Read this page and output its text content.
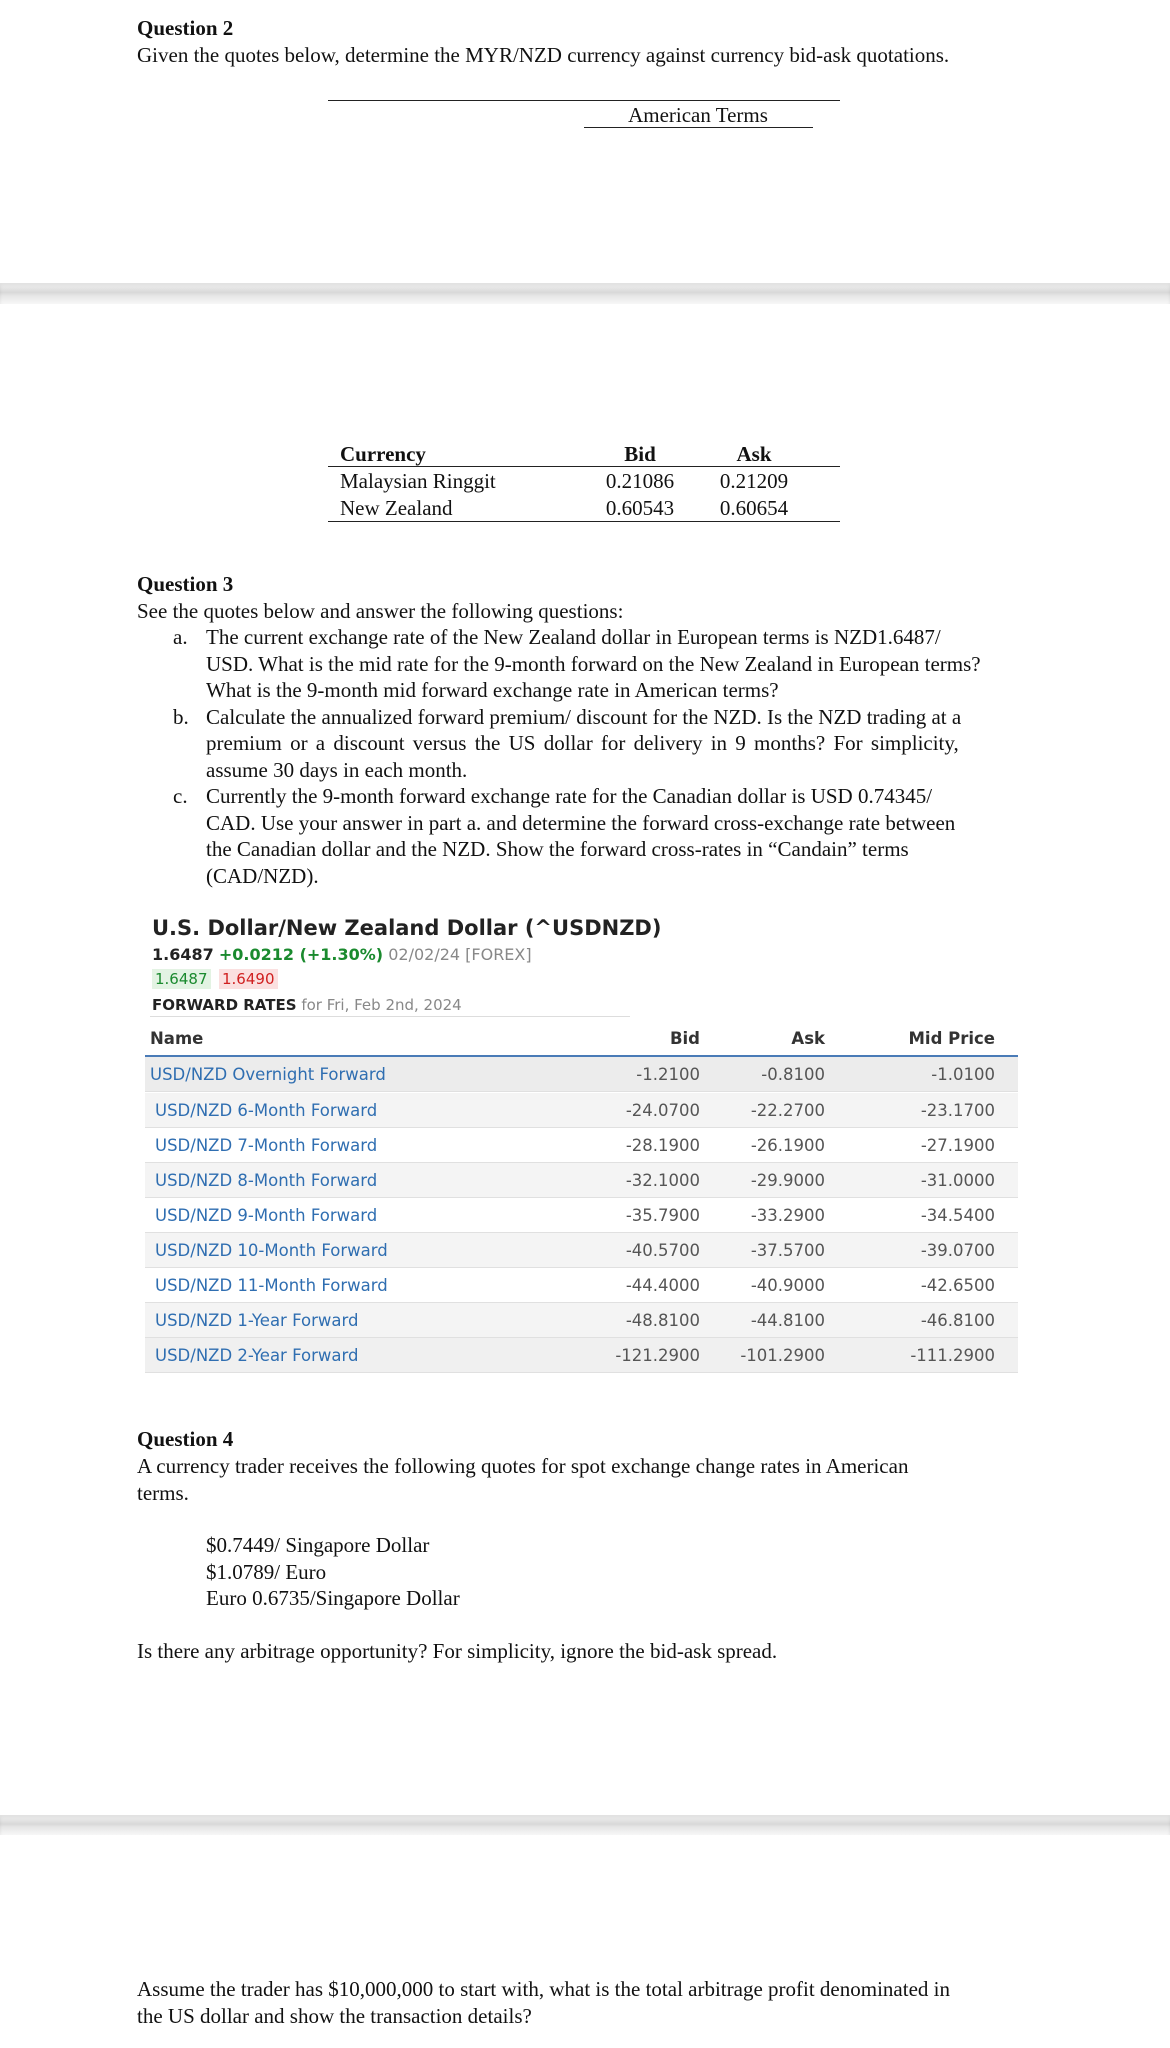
Question 2
Given the quotes below, determine the MYR/NZD currency against currency bid-ask quotations.
American Terms
Currency	Bid	Ask
Malaysian Ringgit	0.21086 0.21209
New Zealand	0.60543 0.60654
Question 3
See the quotes below and answer the following questions:
a. The current exchange rate of the New Zealand dollar in European terms is NZD1.6487/
USD. What is the mid rate for the 9-month forward on the New Zealand in European terms?
What is the 9-month mid forward exchange rate in American terms?
b. Calculate the annualized forward premium/ discount for the NZD. Is the NZD trading at a
premium or a discount versus the US dollar for delivery in 9 months? For simplicity,
assume 30 days in each month.
c. Currently the 9-month forward exchange rate for the Canadian dollar is USD 0.74345/
CAD. Use your answer in part a. and determine the forward cross-exchange rate between
the Canadian dollar and the NZD. Show the forward cross-rates in “Candain” terms
(CAD/NZD).
U.S. Dollar/New Zealand Dollar (^USDNZD)
1.6487 +0.0212 (+1.30%) 02/02/24 [FOREX]
1.6487 1.6490
FORWARD RATES for Fri, Feb 2nd, 2024
Name	Bid	Ask	Mid Price
USD/NZD Overnight Forward	-1.2100	-0.8100	-1.0100
USD/NZD 6-Month Forward	-24.0700	-22.2700	-23.1700
USD/NZD 7-Month Forward	-28.1900	-26.1900	-27.1900
USD/NZD 8-Month Forward	-32.1000	-29.9000	-31.0000
USD/NZD 9-Month Forward	-35.7900	-33.2900	-34.5400
USD/NZD 10-Month Forward	-40.5700	-37.5700	-39.0700
USD/NZD 11-Month Forward	-44.4000	-40.9000	-42.6500
USD/NZD 1-Year Forward	-48.8100	-44.8100	-46.8100
USD/NZD 2-Year Forward	-121.2900 -101.2900	-111.2900
Question 4
A currency trader receives the following quotes for spot exchange change rates in American
terms.
$0.7449/ Singapore Dollar
$1.0789/ Euro
Euro 0.6735/Singapore Dollar
Is there any arbitrage opportunity? For simplicity, ignore the bid-ask spread.
Assume the trader has $10,000,000 to start with, what is the total arbitrage profit denominated in
the US dollar and show the transaction details?
